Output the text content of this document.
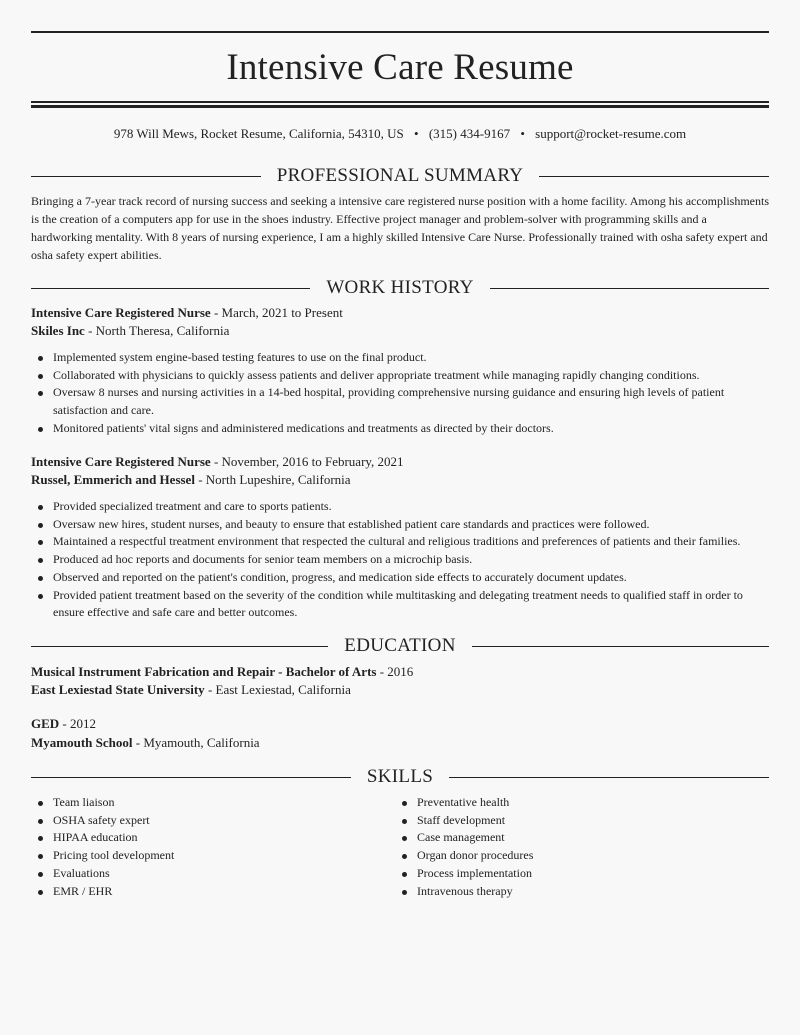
Intensive Care Resume
978 Will Mews, Rocket Resume, California, 54310, US • (315) 434-9167 • support@rocket-resume.com
PROFESSIONAL SUMMARY

Bringing a 7-year track record of nursing success and seeking a intensive care registered nurse position with a home facility. Among his accomplishments is the creation of a computers app for use in the shoes industry. Effective project manager and problem-solver with programming skills and a hardworking mentality. With 8 years of nursing experience, I am a highly skilled Intensive Care Nurse. Professionally trained with osha safety expert and osha safety expert abilities.

WORK HISTORY
Intensive Care Registered Nurse - March, 2021 to Present
Skiles Inc - North Theresa, California
Implemented system engine-based testing features to use on the final product.
Collaborated with physicians to quickly assess patients and deliver appropriate treatment while managing rapidly changing conditions.
Oversaw 8 nurses and nursing activities in a 14-bed hospital, providing comprehensive nursing guidance and ensuring high levels of patient satisfaction and care.
Monitored patients' vital signs and administered medications and treatments as directed by their doctors.
Intensive Care Registered Nurse - November, 2016 to February, 2021
Russel, Emmerich and Hessel - North Lupeshire, California
Provided specialized treatment and care to sports patients.
Oversaw new hires, student nurses, and beauty to ensure that established patient care standards and practices were followed.
Maintained a respectful treatment environment that respected the cultural and religious traditions and preferences of patients and their families.
Produced ad hoc reports and documents for senior team members on a microchip basis.
Observed and reported on the patient's condition, progress, and medication side effects to accurately document updates.
Provided patient treatment based on the severity of the condition while multitasking and delegating treatment needs to qualified staff in order to ensure effective and safe care and better outcomes.
EDUCATION
Musical Instrument Fabrication and Repair - Bachelor of Arts - 2016
East Lexiestad State University - East Lexiestad, California
GED - 2012
Myamouth School - Myamouth, California
SKILLS
Team liaison
OSHA safety expert
HIPAA education
Pricing tool development
Evaluations
EMR / EHR
Preventative health
Staff development
Case management
Organ donor procedures
Process implementation
Intravenous therapy
